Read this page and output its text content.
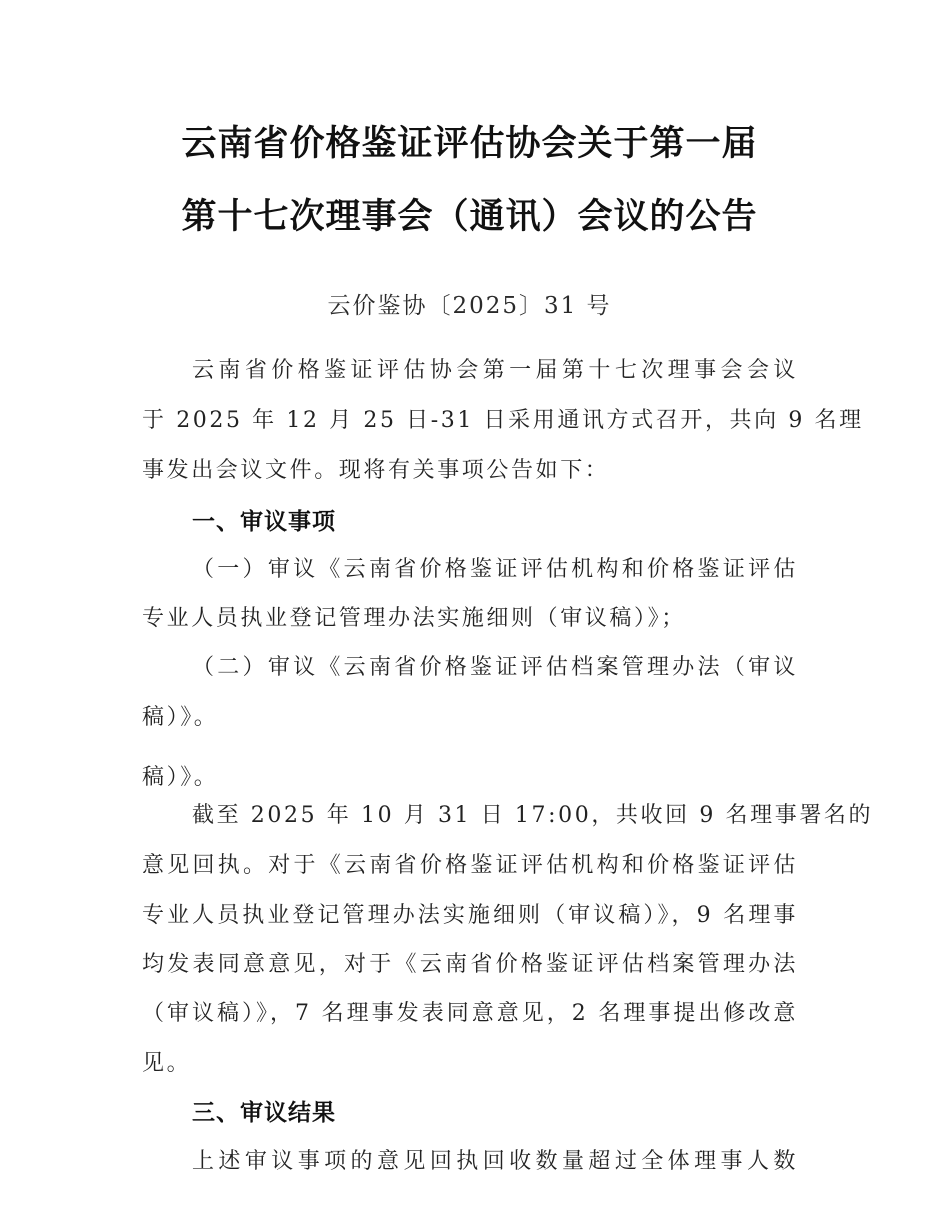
云南省价格鉴证评估协会关于第一届
第十七次理事会（通讯）会议的公告
云价鉴协〔2025〕31 号
云南省价格鉴证评估协会第一届第十七次理事会会议
于 2025 年 12 月 25 日-31 日采用通讯方式召开，共向 9 名理
事发出会议文件。现将有关事项公告如下：
一、审议事项
（一）审议《云南省价格鉴证评估机构和价格鉴证评估
专业人员执业登记管理办法实施细则（审议稿）》；
（二）审议《云南省价格鉴证评估档案管理办法（审议
稿）》。
稿）》。
截至 2025 年 10 月 31 日 17:00，共收回 9 名理事署名的
意见回执。对于《云南省价格鉴证评估机构和价格鉴证评估
专业人员执业登记管理办法实施细则（审议稿）》，9 名理事
均发表同意意见，对于《云南省价格鉴证评估档案管理办法
（审议稿）》，7 名理事发表同意意见，2 名理事提出修改意
见。
三、审议结果
上述审议事项的意见回执回收数量超过全体理事人数
